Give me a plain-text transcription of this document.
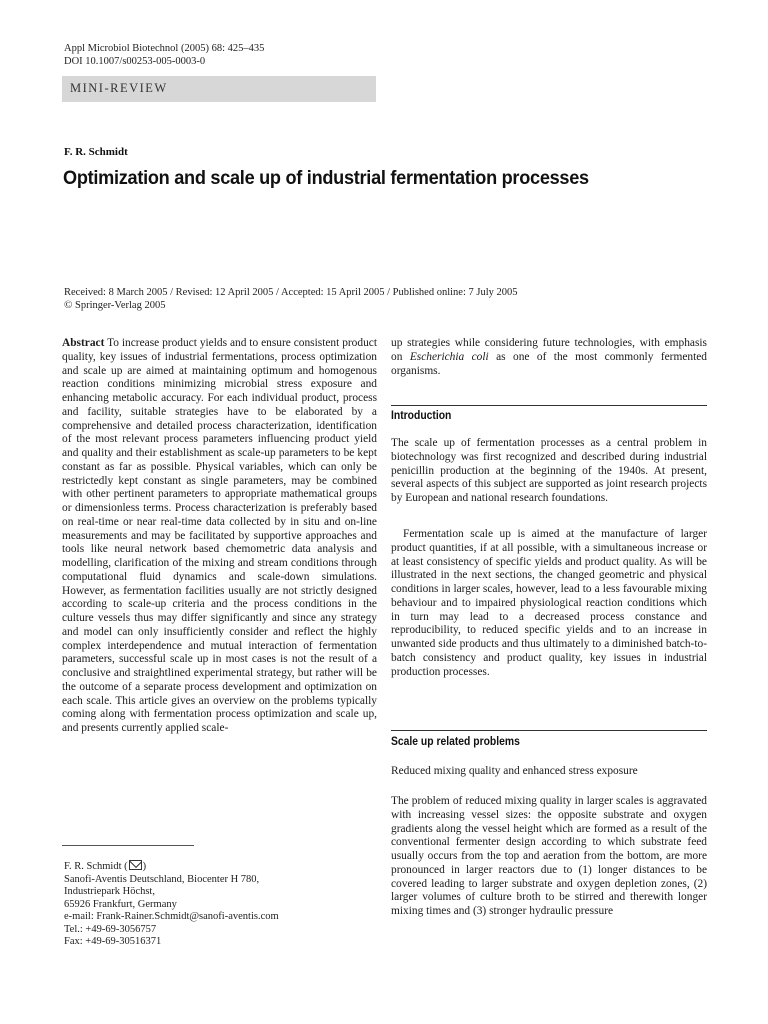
Appl Microbiol Biotechnol (2005) 68: 425–435
DOI 10.1007/s00253-005-0003-0
MINI-REVIEW
F. R. Schmidt
Optimization and scale up of industrial fermentation processes
Received: 8 March 2005 / Revised: 12 April 2005 / Accepted: 15 April 2005 / Published online: 7 July 2005
© Springer-Verlag 2005
Abstract To increase product yields and to ensure consistent product quality, key issues of industrial fermentations, process optimization and scale up are aimed at maintaining optimum and homogenous reaction conditions minimizing microbial stress exposure and enhancing metabolic accuracy. For each individual product, process and facility, suitable strategies have to be elaborated by a comprehensive and detailed process characterization, identification of the most relevant process parameters influencing product yield and quality and their establishment as scale-up parameters to be kept constant as far as possible. Physical variables, which can only be restrictedly kept constant as single parameters, may be combined with other pertinent parameters to appropriate mathematical groups or dimensionless terms. Process characterization is preferably based on real-time or near real-time data collected by in situ and on-line measurements and may be facilitated by supportive approaches and tools like neural network based chemometric data analysis and modelling, clarification of the mixing and stream conditions through computational fluid dynamics and scale-down simulations. However, as fermentation facilities usually are not strictly designed according to scale-up criteria and the process conditions in the culture vessels thus may differ significantly and since any strategy and model can only insufficiently consider and reflect the highly complex interdependence and mutual interaction of fermentation parameters, successful scale up in most cases is not the result of a conclusive and straightlined experimental strategy, but rather will be the outcome of a separate process development and optimization on each scale. This article gives an overview on the problems typically coming along with fermentation process optimization and scale up, and presents currently applied scale-
up strategies while considering future technologies, with emphasis on Escherichia coli as one of the most commonly fermented organisms.
Introduction
The scale up of fermentation processes as a central problem in biotechnology was first recognized and described during industrial penicillin production at the beginning of the 1940s. At present, several aspects of this subject are supported as joint research projects by European and national research foundations.
Fermentation scale up is aimed at the manufacture of larger product quantities, if at all possible, with a simultaneous increase or at least consistency of specific yields and product quality. As will be illustrated in the next sections, the changed geometric and physical conditions in larger scales, however, lead to a less favourable mixing behaviour and to impaired physiological reaction conditions which in turn may lead to a decreased process constance and reproducibility, to reduced specific yields and to an increase in unwanted side products and thus ultimately to a diminished batch-to-batch consistency and product quality, key issues in industrial production processes.
Scale up related problems
Reduced mixing quality and enhanced stress exposure
The problem of reduced mixing quality in larger scales is aggravated with increasing vessel sizes: the opposite substrate and oxygen gradients along the vessel height which are formed as a result of the conventional fermenter design according to which substrate feed usually occurs from the top and aeration from the bottom, are more pronounced in larger reactors due to (1) longer distances to be covered leading to larger substrate and oxygen depletion zones, (2) larger volumes of culture broth to be stirred and therewith longer mixing times and (3) stronger hydraulic pressure
F. R. Schmidt ( )
Sanofi-Aventis Deutschland, Biocenter H 780,
Industriepark Höchst,
65926 Frankfurt, Germany
e-mail: Frank-Rainer.Schmidt@sanofi-aventis.com
Tel.: +49-69-3056757
Fax: +49-69-30516371
